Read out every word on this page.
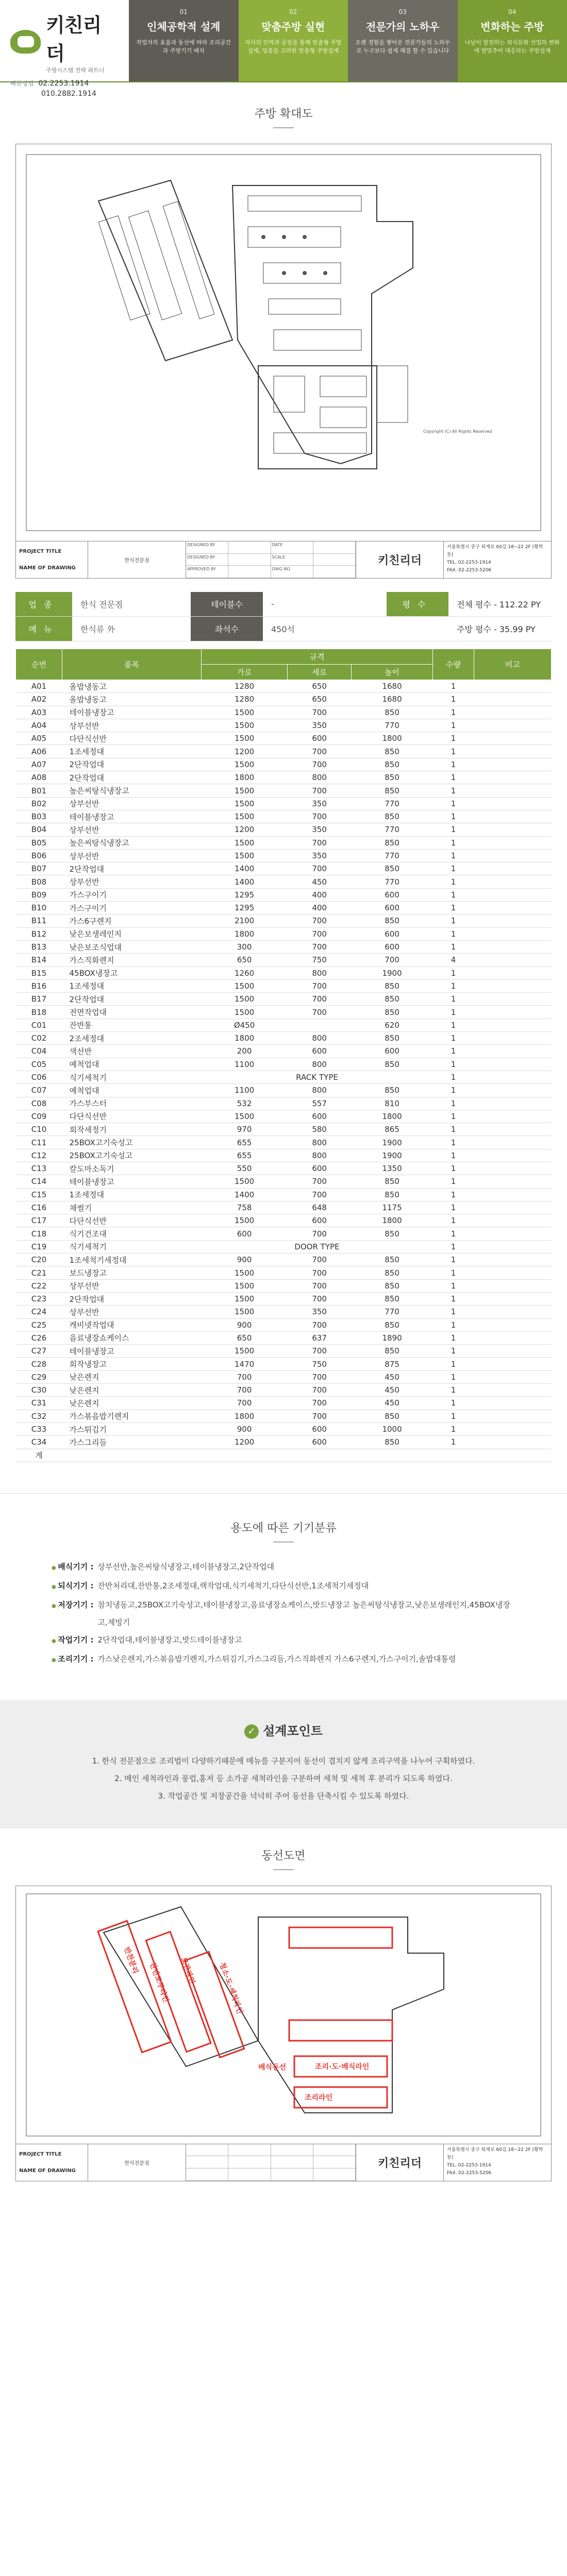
키친리더
주방시스템 전략 파트너
빠른상담 02.2253.1914
010.2882.1914
01
인체공학적 설계
작업자의 효율과 동선에 따라 조리공간과 주방기기 배치
02
맞춤주방 실현
자사의 인력과 공장을 통해 맞춤형 주방설계, 업종을 고려한 맞춤형 주방설계
03
전문가의 노하우
오랜 경험을 쌓아온 전문가들의 노하우로 누구보다 쉽게 해결 할 수 있습니다
04
변화하는 주방
나날이 발전하는 외식문화 산업의 변화에 발맞추어 대응하는 주방설계
주방 확대도
Copyright (C) All Rights Reserved
PROJECT TITLE
NAME OF DRAWING
한식전문점
DESIGNED BY	DATE
DESIGNED BY	SCALE
APPROVED BY	DWG NO
키친리더
서울특별시 중구 퇴계로 60길 18~22 2F (황학동)
TEL. 02-2253-1914
FAX. 02-2253-5206
업종	한식 전문점	테이블수	-	평수	전체 평수 - 112.22 PY
메뉴	한식류 外	좌석수	450석	주방 평수 - 35.99 PY
순번	품목	규격			수량	비고
		가로	세로	높이		
A01	올밥냉동고	1280	650	1680	1	
A02	올밥냉동고	1280	650	1680	1	
A03	테이블냉장고	1500	700	850	1	
A04	상부선반	1500	350	770	1	
A05	다단식선반	1500	600	1800	1	
A06	1조세정대	1200	700	850	1	
A07	2단작업대	1500	700	850	1	
A08	2단작업대	1800	800	850	1	
B01	높은씨탕식냉장고	1500	700	850	1	
B02	상부선반	1500	350	770	1	
B03	테이블냉장고	1500	700	850	1	
B04	상부선반	1200	350	770	1	
B05	높은씨탕식냉장고	1500	700	850	1	
B06	상부선반	1500	350	770	1	
B07	2단작업대	1400	700	850	1	
B08	상부선반	1400	450	770	1	
B09	가스구이기	1295	400	600	1	
B10	가스구이기	1295	400	600	1	
B11	가스6구렌지	2100	700	850	1	
B12	낮은보생레인지	1800	700	600	1	
B13	낮은보조식업대	300	700	600	1	
B14	가스직화렌지	650	750	700	4	
B15	45BOX냉장고	1260	800	1900	1	
B16	1조세정대	1500	700	850	1	
B17	2단작업대	1500	700	850	1	
B18	전면작업대	1500	700	850	1	
C01	잔반통	Ø450		620	1	
C02	2조세정대	1800	800	850	1	
C04	색선반	200	600	600	1	
C05	예척업대	1100	800	850	1	
C06	식기세척기	RACK TYPE			1	
C07	예척업대	1100	800	850	1	
C08	가스부스터	532	557	810	1	
C09	다단식선반	1500	600	1800	1	
C10	회작세정기	970	580	865	1	
C11	25BOX고기숙성고	655	800	1900	1	
C12	25BOX고기숙성고	655	800	1900	1	
C13	칼도마소독기	550	600	1350	1	
C14	테이블냉장고	1500	700	850	1	
C15	1조세정대	1400	700	850	1	
C16	채썰기	758	648	1175	1	
C17	다단식선반	1500	600	1800	1	
C18	식기건조대	600	700	850	1	
C19	식기세척기	DOOR TYPE			1	
C20	1조세척기세정대	900	700	850	1	
C21	보드냉장고	1500	700	850	1	
C22	상부선반	1500	700	850	1	
C23	2단작업대	1500	700	850	1	
C24	상부선반	1500	350	770	1	
C25	캐비넷작업대	900	700	850	1	
C26	음료냉장쇼케이스	650	637	1890	1	
C27	테이블냉장고	1500	700	850	1	
C28	회작냉장고	1470	750	875	1	
C29	낮은렌지	700	700	450	1	
C30	낮은렌지	700	700	450	1	
C31	낮은렌지	700	700	450	1	
C32	가스볶음밥기렌지	1800	700	850	1	
C33	가스튀김기	900	600	1000	1	
C34	가스그리들	1200	600	850	1	
계						
용도에 따른 기기분류
● 배식기기 : 상부선반,높은씨탕식냉장고,테이블냉장고,2단작업대
● 되식기기 : 잔반처리대,잔반통,2조세정대,랙작업대,식기세척기,다단식선반,1조세척기세정대
● 저장기기 : 참치냉동고,25BOX고기숙성고,테이블냉장고,음료냉장쇼케이스,밧드냉장고 높은씨탕식냉장고,낮은보생레인지,45BOX냉장고,제빙기
● 작업기기 : 2단작업대,테이블냉장고,밧드테이블냉장고
● 조리기기 : 가스낮은렌지,가스볶음밥기렌지,가스튀김기,가스그리들,가스직화렌지 가스6구렌지,가스구이기,솔밥대통령
✓ 설계포인트

1. 한식 전문점으로 조리법이 다양하기때문에 메뉴를 구분지어 동선이 겹치지 않게 조리구역을 나누어 구획하였다.

2. 메인 세척라인과 풍럽,홍저 등 소가공 세척라인을 구분하여 세척 및 세척 후 분리가 되도록 하였다.

3. 작업공간 및 저장공간을 넉넉히 주어 동선을 단축시킬 수 있도록 하였다.

동선도면
반찬분리
청소·도·세척라인
찬반도구라인 보관라인
배식동선	조리·도·배식라인
조리라인
PROJECT TITLE
NAME OF DRAWING
한식전문점	키친리더
서울특별시 중구 퇴계로 60길 18~22 2F (황학동)
TEL. 02-2253-1914
FAX. 02-2253-5206
